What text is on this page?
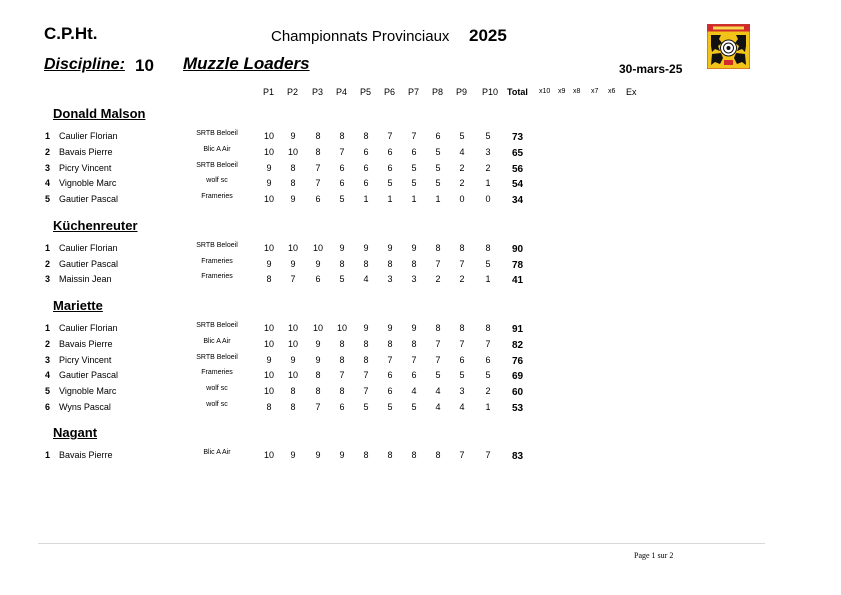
C.P.Ht.	Championnats Provinciaux 2025
Discipline: 10 Muzzle Loaders	30-mars-25
P1 P2 P3 P4 P5 P6 P7 P8 P9 P10 Total x10 x9 x8 x7 x6 Ex
Donald Malson
1 Caulier Florian	SRTB Beloeil	10 9 8 8 8 7 7 6 5 5 73
2 Bavais Pierre	Blic A Air	10 10 8 7 6 6 6 5 4 3 65
3 Picry Vincent	SRTB Beloeil	9 8 7 6 6 6 5 5 2 2 56
4 Vignoble Marc	wolf sc	9 8 7 6 6 5 5 5 2 1 54
5 Gautier Pascal	Frameries	10 9 6 5 1 1 1 1 0 0 34
Küchenreuter
1 Caulier Florian	SRTB Beloeil	10 10 10 9 9 9 9 8 8 8 90
2 Gautier Pascal	Frameries	9 9 9 8 8 8 8 7 7 5 78
3 Maissin Jean	Frameries	8 7 6 5 4 3 3 2 2 1 41
Mariette
1 Caulier Florian	SRTB Beloeil	10 10 10 10 9 9 9 8 8 8 91
2 Bavais Pierre	Blic A Air	10 10 9 8 8 8 8 7 7 7 82
3 Picry Vincent	SRTB Beloeil	9 9 9 8 8 7 7 7 6 6 76
4 Gautier Pascal	Frameries	10 10 8 7 7 6 6 5 5 5 69
5 Vignoble Marc	wolf sc	10 8 8 8 7 6 4 4 3 2 60
6 Wyns Pascal	wolf sc	8 8 7 6 5 5 5 4 4 1 53
Nagant
1 Bavais Pierre	Blic A Air	10 9 9 9 8 8 8 8 7 7 83
Page 1 sur 2
